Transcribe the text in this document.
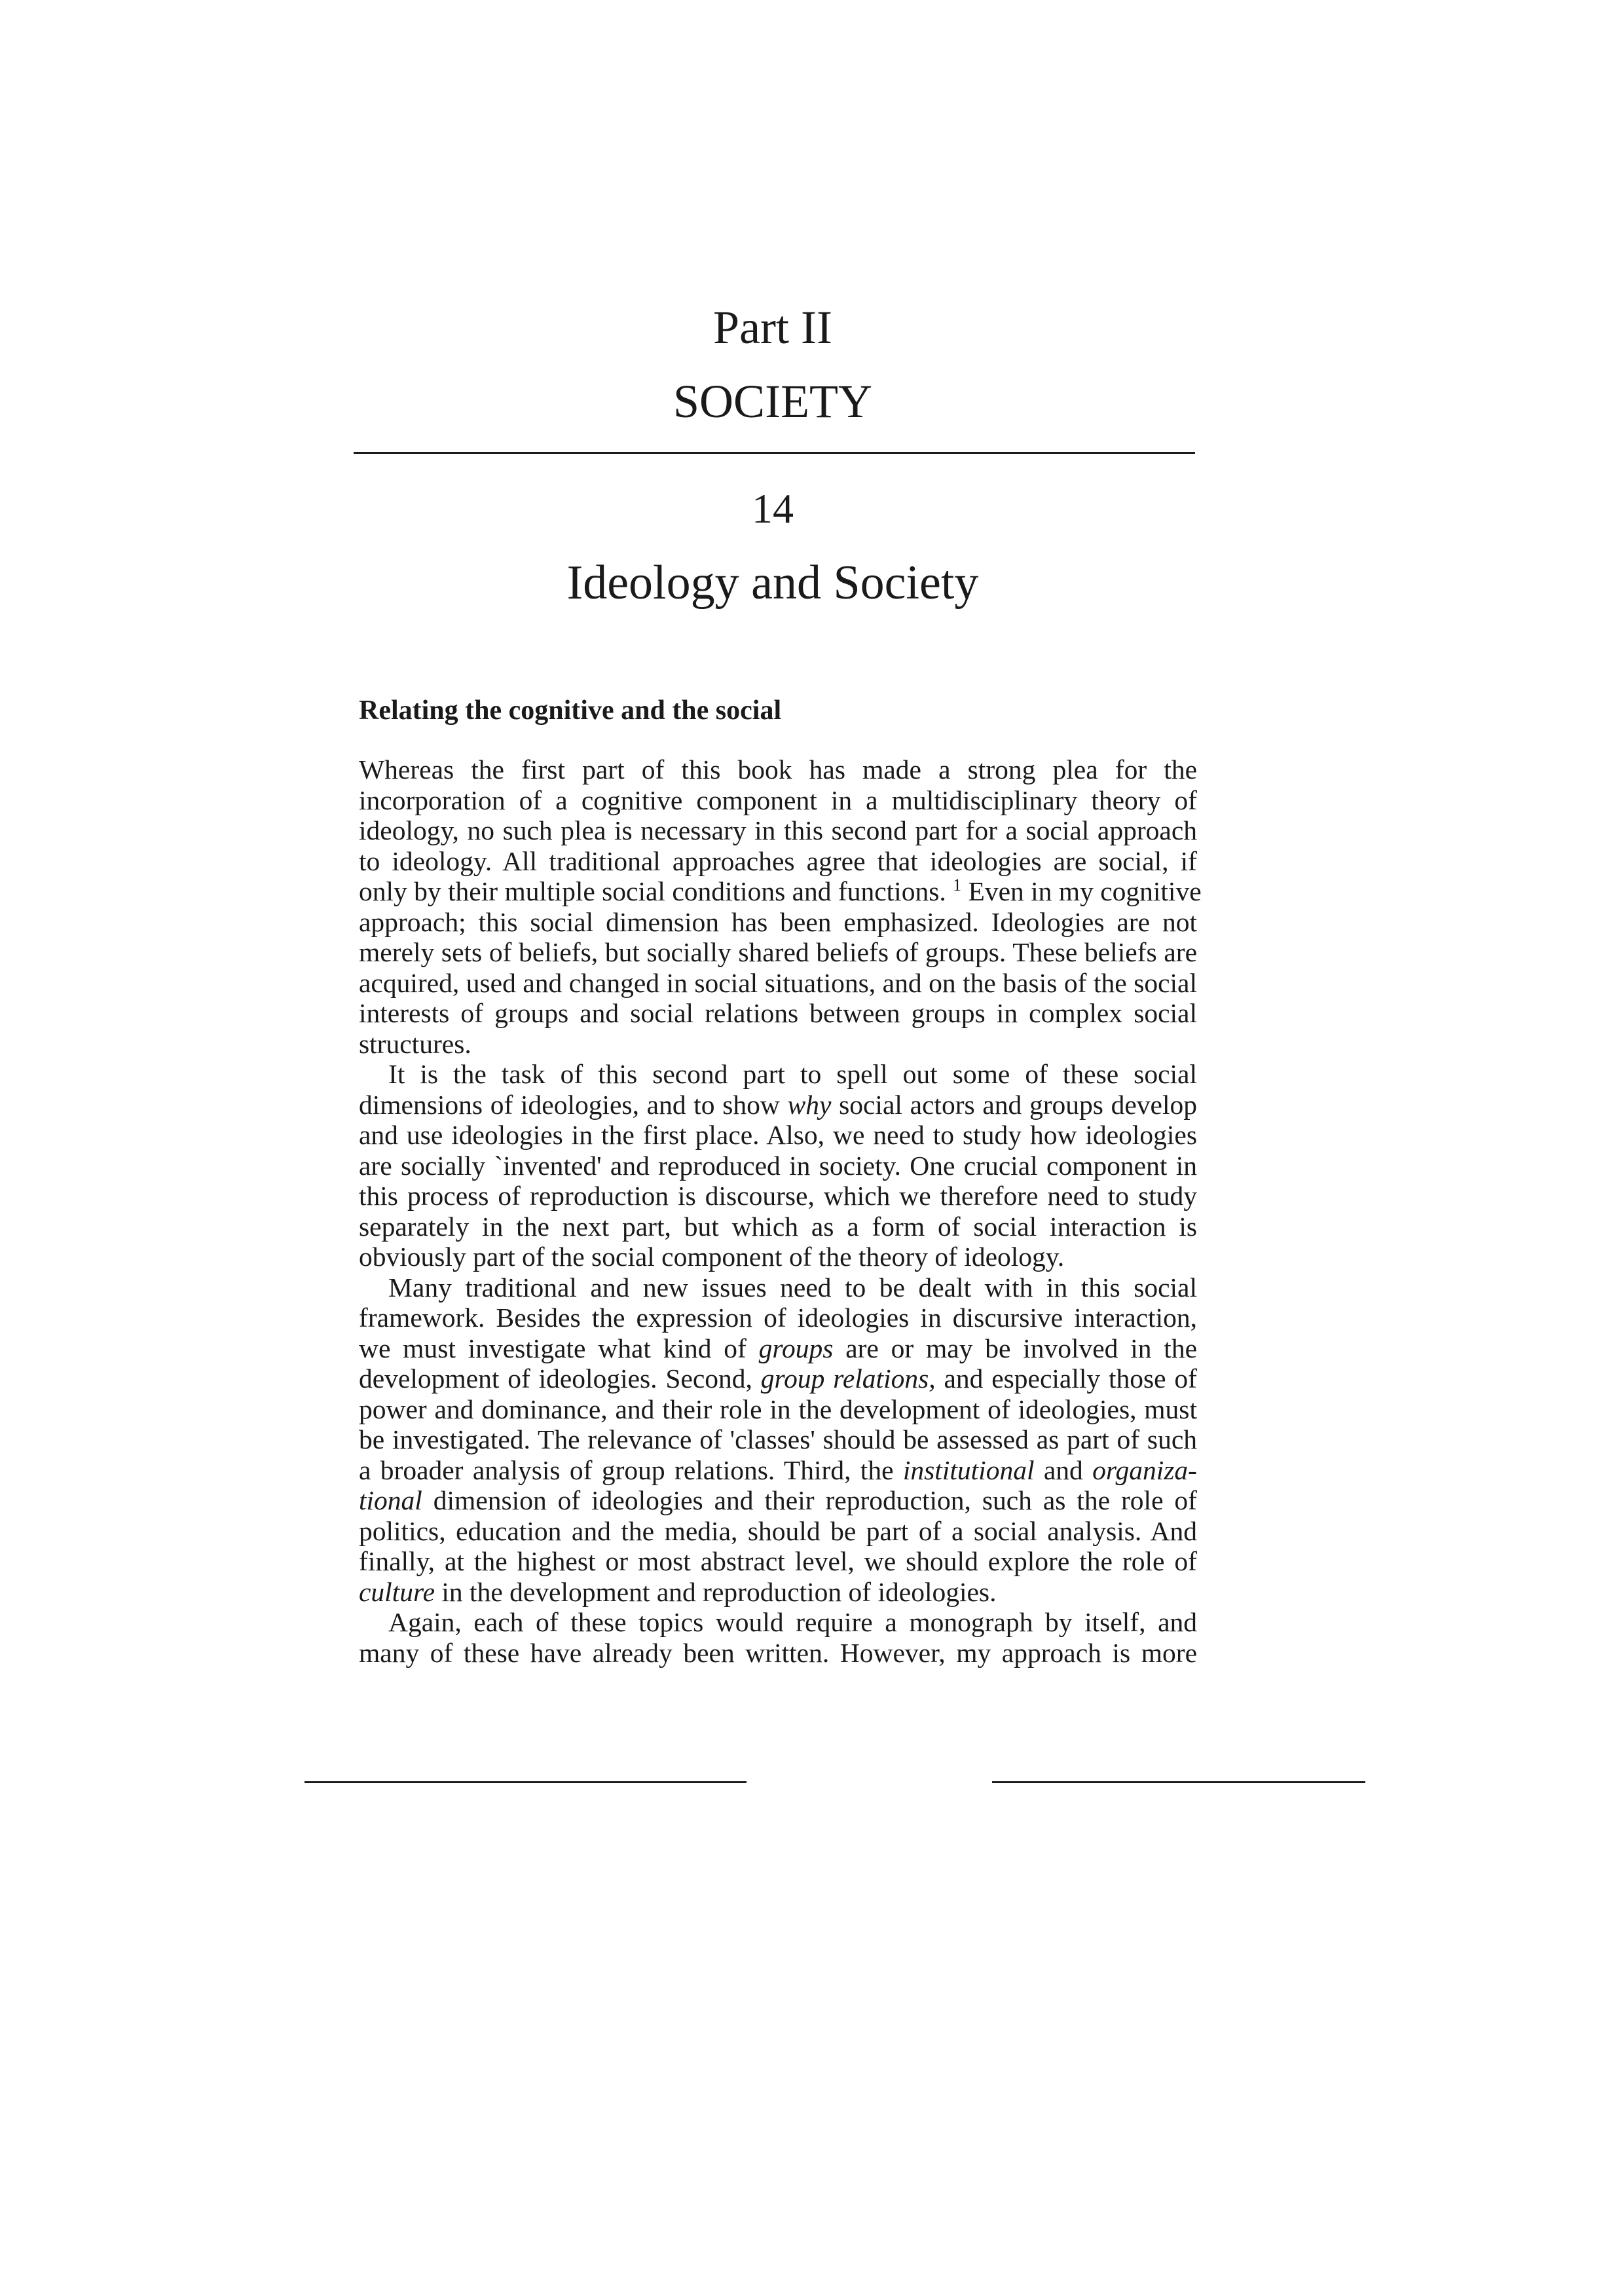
Part II
SOCIETY
14
Ideology and Society
Relating the cognitive and the social
Whereas the first part of this book has made a strong plea for the
incorporation of a cognitive component in a multidisciplinary theory of
ideology, no such plea is necessary in this second part for a social approach
to ideology. All traditional approaches agree that ideologies are social, if
only by their multiple social conditions and functions. $^1$ Even in my cognitive
approach; this social dimension has been emphasized. Ideologies are not
merely sets of beliefs, but socially shared beliefs of groups. These beliefs are
acquired, used and changed in social situations, and on the basis of the social
interests of groups and social relations between groups in complex social
structures.
It is the task of this second part to spell out some of these social
dimensions of ideologies, and to show why social actors and groups develop
and use ideologies in the first place. Also, we need to study how ideologies
are socially `invented' and reproduced in society. One crucial component in
this process of reproduction is discourse, which we therefore need to study
separately in the next part, but which as a form of social interaction is
obviously part of the social component of the theory of ideology.
Many traditional and new issues need to be dealt with in this social
framework. Besides the expression of ideologies in discursive interaction,
we must investigate what kind of groups are or may be involved in the
development of ideologies. Second, group relations, and especially those of
power and dominance, and their role in the development of ideologies, must
be investigated. The relevance of 'classes' should be assessed as part of such
a broader analysis of group relations. Third, the institutional and organiza-
tional dimension of ideologies and their reproduction, such as the role of
politics, education and the media, should be part of a social analysis. And
finally, at the highest or most abstract level, we should explore the role of
culture in the development and reproduction of ideologies.
Again, each of these topics would require a monograph by itself, and
many of these have already been written. However, my approach is more
